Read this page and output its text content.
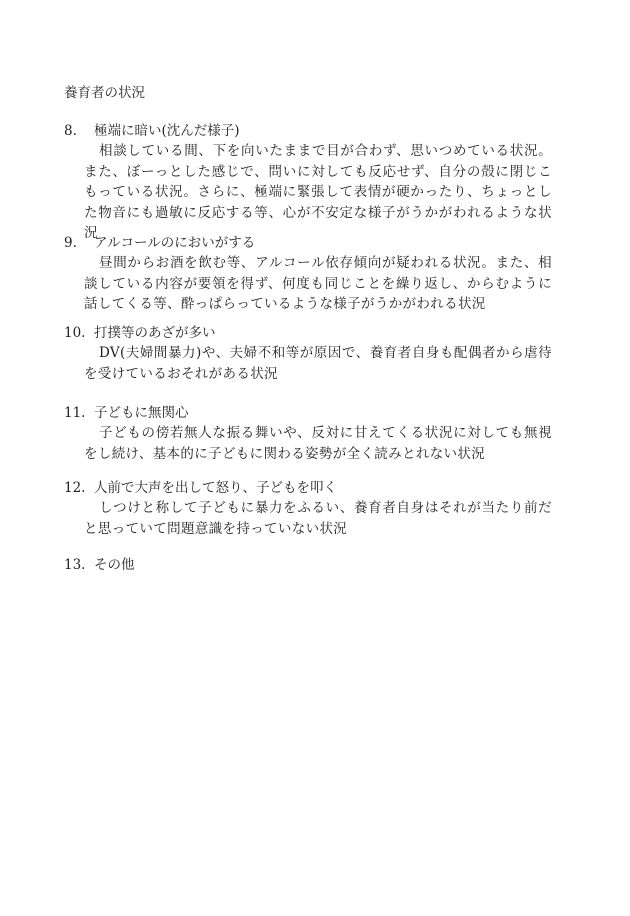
養育者の状況
8.	極端に暗い(沈んだ様子)
相談している間、下を向いたままで目が合わず、思いつめている状況。また、ぼーっとした感じで、問いに対しても反応せず、自分の殻に閉じこもっている状況。さらに、極端に緊張して表情が硬かったり、ちょっとした物音にも過敏に反応する等、心が不安定な様子がうかがわれるような状況
9.	アルコールのにおいがする
昼間からお酒を飲む等、アルコール依存傾向が疑われる状況。また、相談している内容が要領を得ず、何度も同じことを繰り返し、からむように話してくる等、酔っぱらっているような様子がうかがわれる状況
10. 打撲等のあざが多い
DV(夫婦間暴力)や、夫婦不和等が原因で、養育者自身も配偶者から虐待を受けているおそれがある状況
11. 子どもに無関心
子どもの傍若無人な振る舞いや、反対に甘えてくる状況に対しても無視をし続け、基本的に子どもに関わる姿勢が全く読みとれない状況
12. 人前で大声を出して怒り、子どもを叩く
しつけと称して子どもに暴力をふるい、養育者自身はそれが当たり前だと思っていて問題意識を持っていない状況
13. その他
